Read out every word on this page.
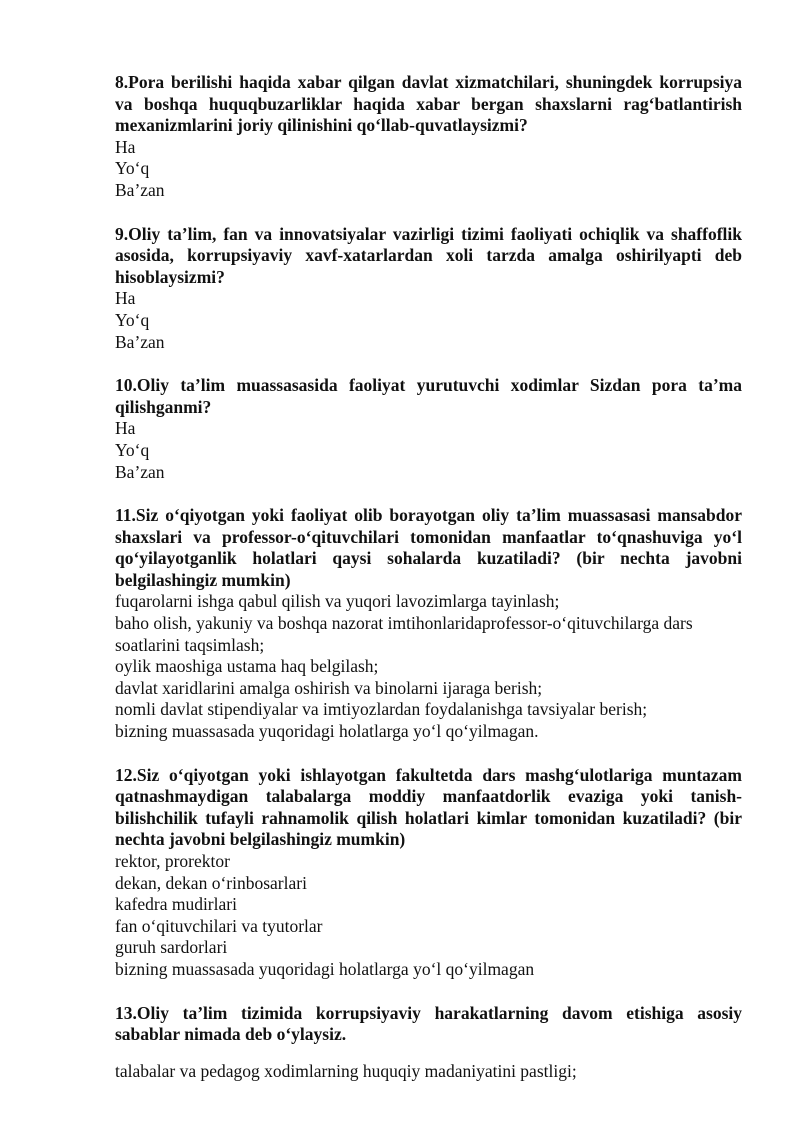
8.Pora berilishi haqida xabar qilgan davlat xizmatchilari, shuningdek korrupsiya va boshqa huquqbuzarliklar haqida xabar bergan shaxslarni rag‘batlantirish mexanizmlarini joriy qilinishini qo‘llab-quvatlaysizmi?

Ha
Yo‘q
Ba’zan

9.Oliy ta’lim, fan va innovatsiyalar vazirligi tizimi faoliyati ochiqlik va shaffoflik asosida, korrupsiyaviy xavf-xatarlardan xoli tarzda amalga oshirilyapti deb hisoblaysizmi?

Ha
Yo‘q
Ba’zan

10.Oliy ta’lim muassasasida faoliyat yurutuvchi xodimlar Sizdan pora ta’ma qilishganmi?

Ha
Yo‘q
Ba’zan

11.Siz o‘qiyotgan yoki faoliyat olib borayotgan oliy ta’lim muassasasi mansabdor shaxslari va professor-o‘qituvchilari tomonidan manfaatlar to‘qnashuviga yo‘l qo‘yilayotganlik holatlari qaysi sohalarda kuzatiladi? (bir nechta javobni belgilashingiz mumkin)

fuqarolarni ishga qabul qilish va yuqori lavozimlarga tayinlash;
baho olish, yakuniy va boshqa nazorat imtihonlaridaprofessor-o‘qituvchilarga dars soatlarini taqsimlash;
oylik maoshiga ustama haq belgilash;
davlat xaridlarini amalga oshirish va binolarni ijaraga berish;
nomli davlat stipendiyalar va imtiyozlardan foydalanishga tavsiyalar berish;
bizning muassasada yuqoridagi holatlarga yo‘l qo‘yilmagan.

12.Siz o‘qiyotgan yoki ishlayotgan fakultetda dars mashg‘ulotlariga muntazam qatnashmaydigan talabalarga moddiy manfaatdorlik evaziga yoki tanish-bilishchilik tufayli rahnamolik qilish holatlari kimlar tomonidan kuzatiladi? (bir nechta javobni belgilashingiz mumkin)

rektor, prorektor
dekan, dekan o‘rinbosarlari
kafedra mudirlari
fan o‘qituvchilari va tyutorlar
guruh sardorlari
bizning muassasada yuqoridagi holatlarga yo‘l qo‘yilmagan

13.Oliy ta’lim tizimida korrupsiyaviy harakatlarning davom etishiga asosiy sabablar nimada deb o‘ylaysiz.

talabalar va pedagog xodimlarning huquqiy madaniyatini pastligi;
